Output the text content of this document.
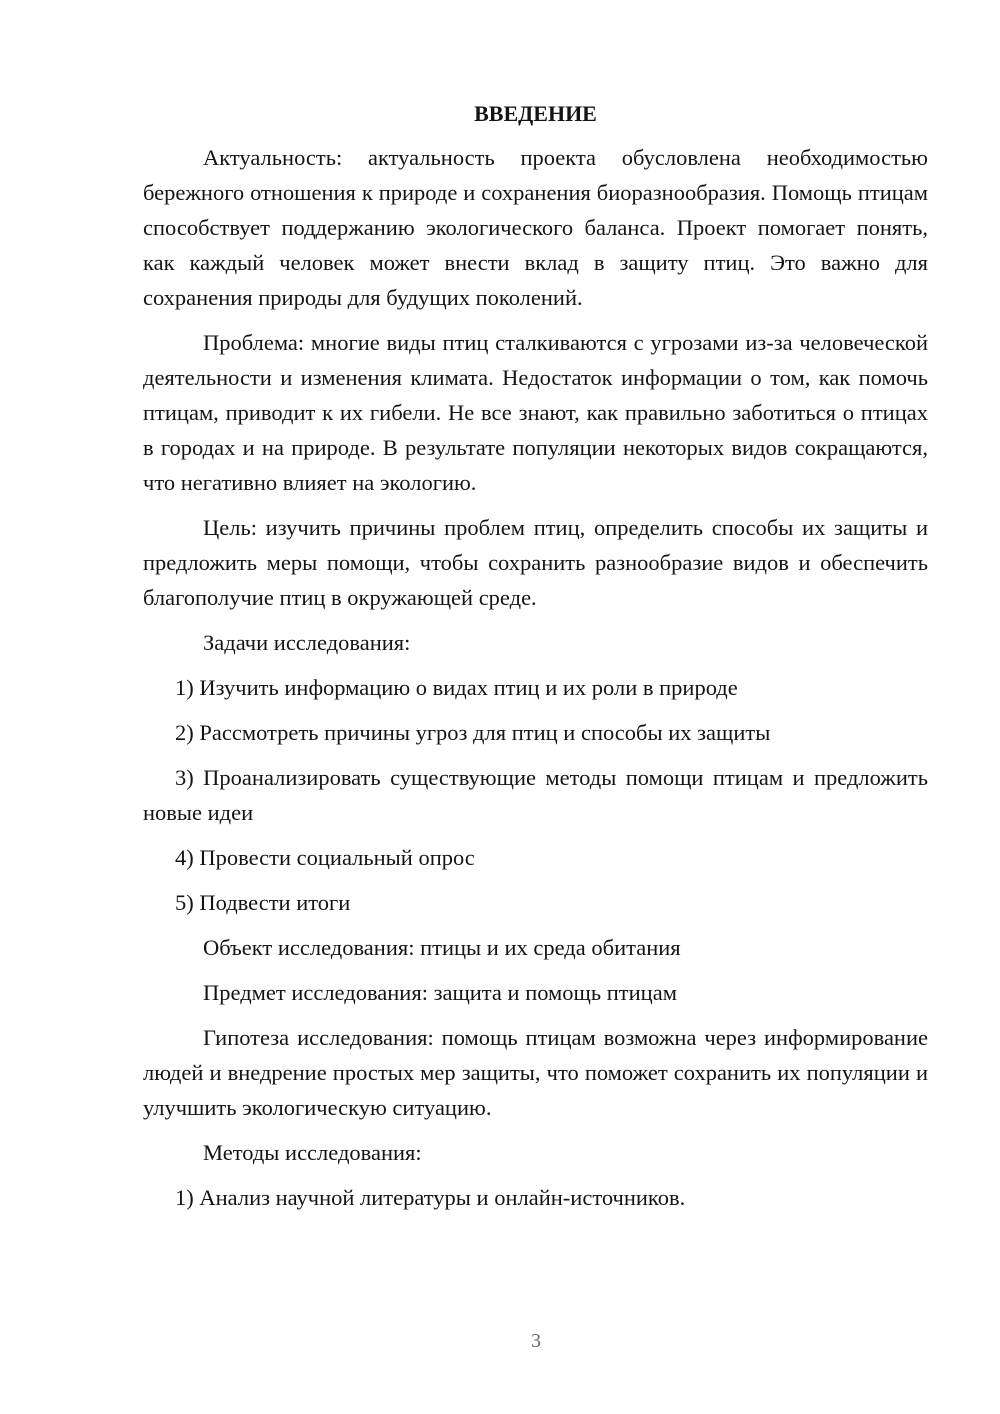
ВВЕДЕНИЕ

Актуальность: актуальность проекта обусловлена необходимостью бережного отношения к природе и сохранения биоразнообразия. Помощь птицам способствует поддержанию экологического баланса. Проект помогает понять, как каждый человек может внести вклад в защиту птиц. Это важно для сохранения природы для будущих поколений.

Проблема: многие виды птиц сталкиваются с угрозами из-за человеческой деятельности и изменения климата. Недостаток информации о том, как помочь птицам, приводит к их гибели. Не все знают, как правильно заботиться о птицах в городах и на природе. В результате популяции некоторых видов сокращаются, что негативно влияет на экологию.

Цель: изучить причины проблем птиц, определить способы их защиты и предложить меры помощи, чтобы сохранить разнообразие видов и обеспечить благополучие птиц в окружающей среде.

Задачи исследования:
1) Изучить информацию о видах птиц и их роли в природе
2) Рассмотреть причины угроз для птиц и способы их защиты

3) Проанализировать существующие методы помощи птицам и предложить новые идеи

4) Провести социальный опрос
5) Подвести итоги
Объект исследования: птицы и их среда обитания
Предмет исследования: защита и помощь птицам

Гипотеза исследования: помощь птицам возможна через информирование людей и внедрение простых мер защиты, что поможет сохранить их популяции и улучшить экологическую ситуацию.

Методы исследования:
1) Анализ научной литературы и онлайн-источников.
3
